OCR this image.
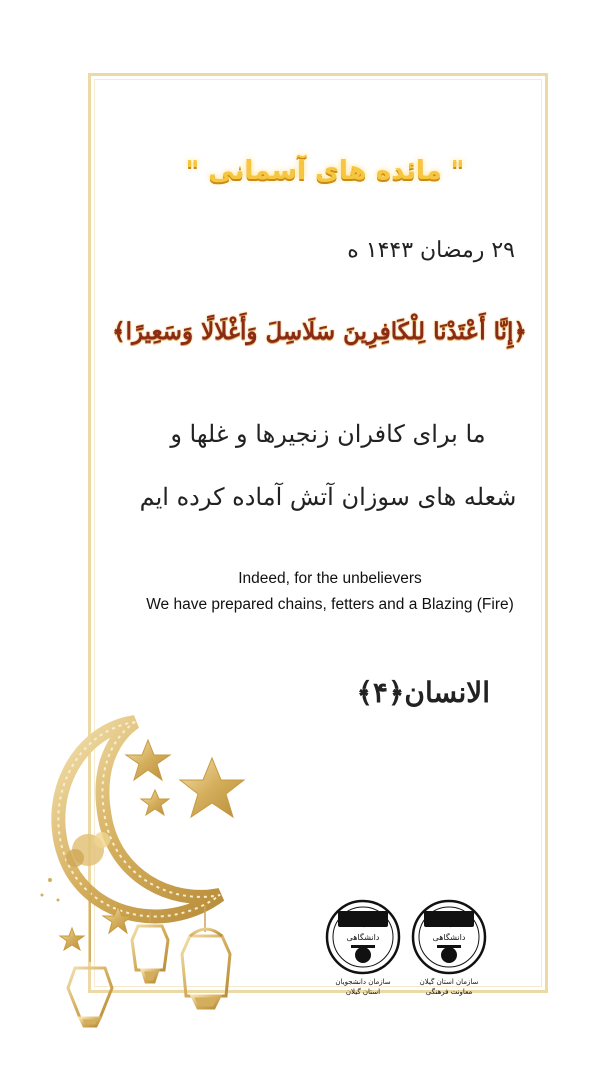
" مائده های آسمانی "
۲۹ رمضان ۱۴۴۳ ه
﴿إِنَّا أَعْتَدْنَا لِلْكَافِرِينَ سَلَاسِلَ وَأَغْلَالًا وَسَعِيرًا﴾
ما برای کافران زنجیرها و غلها و
شعله های سوزان آتش آماده کرده ایم
Indeed, for the unbelievers
We have prepared chains, fetters and a Blazing (Fire)
الانسان﴿۴﴾
جهاد
دانشگاهی
سازمان دانشجویان
استان گیلان
جهاد
دانشگاهی
سازمان استان گیلان
معاونت فرهنگی
